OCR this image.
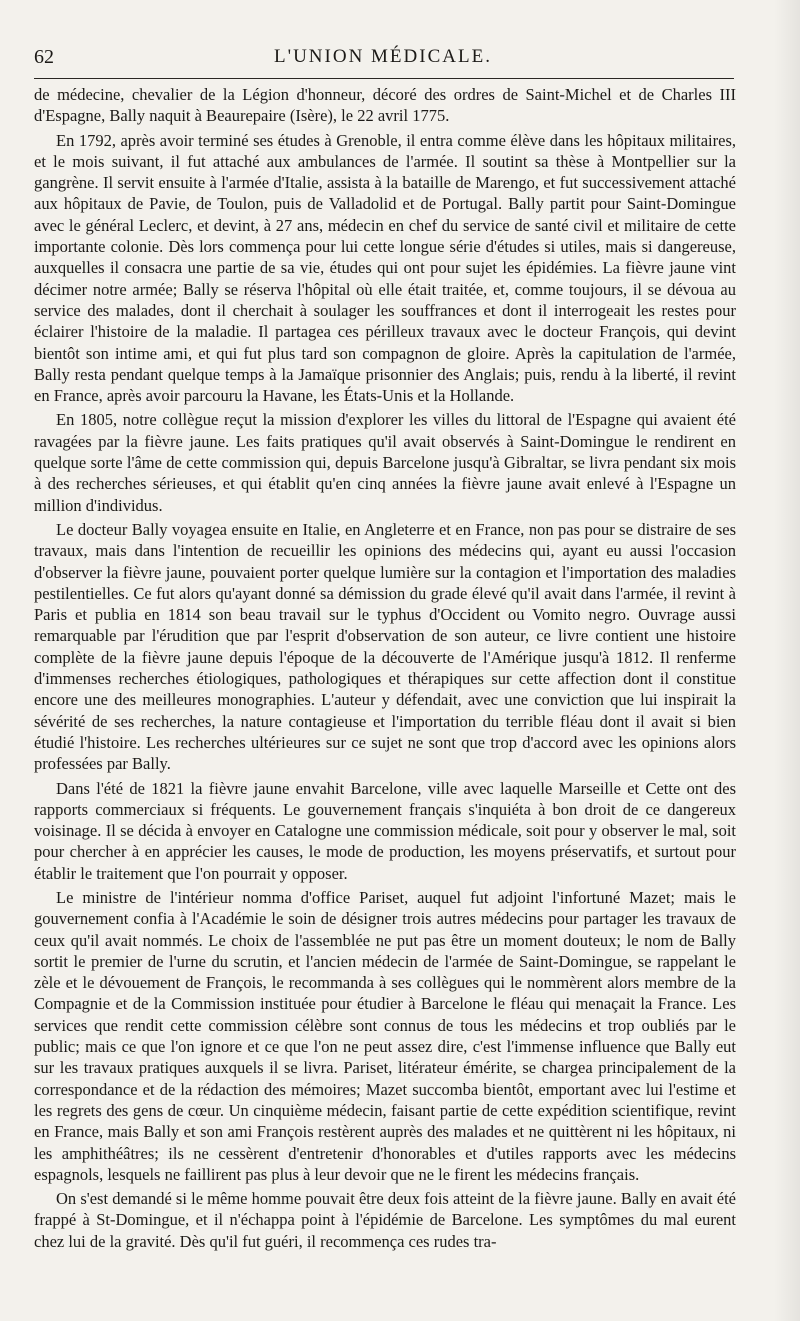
62	L'UNION MÉDICALE.

de médecine, chevalier de la Légion d'honneur, décoré des ordres de Saint-Michel et de Charles III d'Espagne, Bally naquit à Beaurepaire (Isère), le 22 avril 1775.

En 1792, après avoir terminé ses études à Grenoble, il entra comme élève dans les hôpitaux militaires, et le mois suivant, il fut attaché aux ambulances de l'armée. Il soutint sa thèse à Montpellier sur la gangrène. Il servit ensuite à l'armée d'Italie, assista à la bataille de Marengo, et fut successivement attaché aux hôpitaux de Pavie, de Toulon, puis de Valladolid et de Portugal. Bally partit pour Saint-Domingue avec le général Leclerc, et devint, à 27 ans, médecin en chef du service de santé civil et militaire de cette importante colonie. Dès lors commença pour lui cette longue série d'études si utiles, mais si dangereuse, auxquelles il consacra une partie de sa vie, études qui ont pour sujet les épidémies. La fièvre jaune vint décimer notre armée; Bally se réserva l'hôpital où elle était traitée, et, comme toujours, il se dévoua au service des malades, dont il cherchait à soulager les souffrances et dont il interrogeait les restes pour éclairer l'histoire de la maladie. Il partagea ces périlleux travaux avec le docteur François, qui devint bientôt son intime ami, et qui fut plus tard son compagnon de gloire. Après la capitulation de l'armée, Bally resta pendant quelque temps à la Jamaïque prisonnier des Anglais; puis, rendu à la liberté, il revint en France, après avoir parcouru la Havane, les États-Unis et la Hollande.

En 1805, notre collègue reçut la mission d'explorer les villes du littoral de l'Espagne qui avaient été ravagées par la fièvre jaune. Les faits pratiques qu'il avait observés à Saint-Domingue le rendirent en quelque sorte l'âme de cette commission qui, depuis Barcelone jusqu'à Gibraltar, se livra pendant six mois à des recherches sérieuses, et qui établit qu'en cinq années la fièvre jaune avait enlevé à l'Espagne un million d'individus.

Le docteur Bally voyagea ensuite en Italie, en Angleterre et en France, non pas pour se distraire de ses travaux, mais dans l'intention de recueillir les opinions des médecins qui, ayant eu aussi l'occasion d'observer la fièvre jaune, pouvaient porter quelque lumière sur la contagion et l'importation des maladies pestilentielles. Ce fut alors qu'ayant donné sa démission du grade élevé qu'il avait dans l'armée, il revint à Paris et publia en 1814 son beau travail sur le typhus d'Occident ou Vomito negro. Ouvrage aussi remarquable par l'érudition que par l'esprit d'observation de son auteur, ce livre contient une histoire complète de la fièvre jaune depuis l'époque de la découverte de l'Amérique jusqu'à 1812. Il renferme d'immenses recherches étiologiques, pathologiques et thérapiques sur cette affection dont il constitue encore une des meilleures monographies. L'auteur y défendait, avec une conviction que lui inspirait la sévérité de ses recherches, la nature contagieuse et l'importation du terrible fléau dont il avait si bien étudié l'histoire. Les recherches ultérieures sur ce sujet ne sont que trop d'accord avec les opinions alors professées par Bally.

Dans l'été de 1821 la fièvre jaune envahit Barcelone, ville avec laquelle Marseille et Cette ont des rapports commerciaux si fréquents. Le gouvernement français s'inquiéta à bon droit de ce dangereux voisinage. Il se décida à envoyer en Catalogne une commission médicale, soit pour y observer le mal, soit pour chercher à en apprécier les causes, le mode de production, les moyens préservatifs, et surtout pour établir le traitement que l'on pourrait y opposer.

Le ministre de l'intérieur nomma d'office Pariset, auquel fut adjoint l'infortuné Mazet; mais le gouvernement confia à l'Académie le soin de désigner trois autres médecins pour partager les travaux de ceux qu'il avait nommés. Le choix de l'assemblée ne put pas être un moment douteux; le nom de Bally sortit le premier de l'urne du scrutin, et l'ancien médecin de l'armée de Saint-Domingue, se rappelant le zèle et le dévouement de François, le recommanda à ses collègues qui le nommèrent alors membre de la Compagnie et de la Commission instituée pour étudier à Barcelone le fléau qui menaçait la France. Les services que rendit cette commission célèbre sont connus de tous les médecins et trop oubliés par le public; mais ce que l'on ignore et ce que l'on ne peut assez dire, c'est l'immense influence que Bally eut sur les travaux pratiques auxquels il se livra. Pariset, litérateur émérite, se chargea principalement de la correspondance et de la rédaction des mémoires; Mazet succomba bientôt, emportant avec lui l'estime et les regrets des gens de cœur. Un cinquième médecin, faisant partie de cette expédition scientifique, revint en France, mais Bally et son ami François restèrent auprès des malades et ne quittèrent ni les hôpitaux, ni les amphithéâtres; ils ne cessèrent d'entretenir d'honorables et d'utiles rapports avec les médecins espagnols, lesquels ne faillirent pas plus à leur devoir que ne le firent les médecins français.

On s'est demandé si le même homme pouvait être deux fois atteint de la fièvre jaune. Bally en avait été frappé à St-Domingue, et il n'échappa point à l'épidémie de Barcelone. Les symptômes du mal eurent chez lui de la gravité. Dès qu'il fut guéri, il recommença ces rudes tra-
